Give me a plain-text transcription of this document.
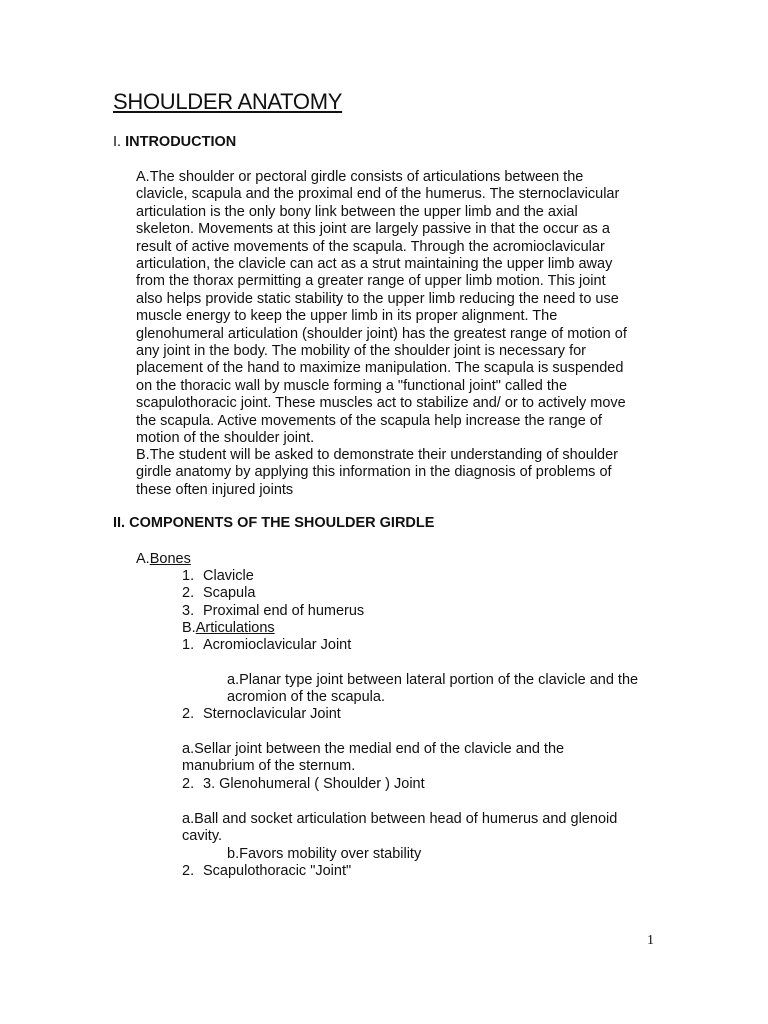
SHOULDER ANATOMY
I. INTRODUCTION
A.The shoulder or pectoral girdle consists of articulations between the
clavicle, scapula and the proximal end of the humerus. The sternoclavicular
articulation is the only bony link between the upper limb and the axial
skeleton. Movements at this joint are largely passive in that the occur as a
result of active movements of the scapula. Through the acromioclavicular
articulation, the clavicle can act as a strut maintaining the upper limb away
from the thorax permitting a greater range of upper limb motion. This joint
also helps provide static stability to the upper limb reducing the need to use
muscle energy to keep the upper limb in its proper alignment. The
glenohumeral articulation (shoulder joint) has the greatest range of motion of
any joint in the body. The mobility of the shoulder joint is necessary for
placement of the hand to maximize manipulation. The scapula is suspended
on the thoracic wall by muscle forming a "functional joint" called the
scapulothoracic joint. These muscles act to stabilize and/ or to actively move
the scapula. Active movements of the scapula help increase the range of
motion of the shoulder joint.
B.The student will be asked to demonstrate their understanding of shoulder
girdle anatomy by applying this information in the diagnosis of problems of
these often injured joints
II. COMPONENTS OF THE SHOULDER GIRDLE
A.Bones
1. Clavicle
2. Scapula
3. Proximal end of humerus
B.Articulations
1. Acromioclavicular Joint
a.Planar type joint between lateral portion of the clavicle and the
acromion of the scapula.
2. Sternoclavicular Joint
a.Sellar joint between the medial end of the clavicle and the
manubrium of the sternum.
2. 3. Glenohumeral ( Shoulder ) Joint
a.Ball and socket articulation between head of humerus and glenoid
cavity.
b.Favors mobility over stability
2. Scapulothoracic "Joint"
1
